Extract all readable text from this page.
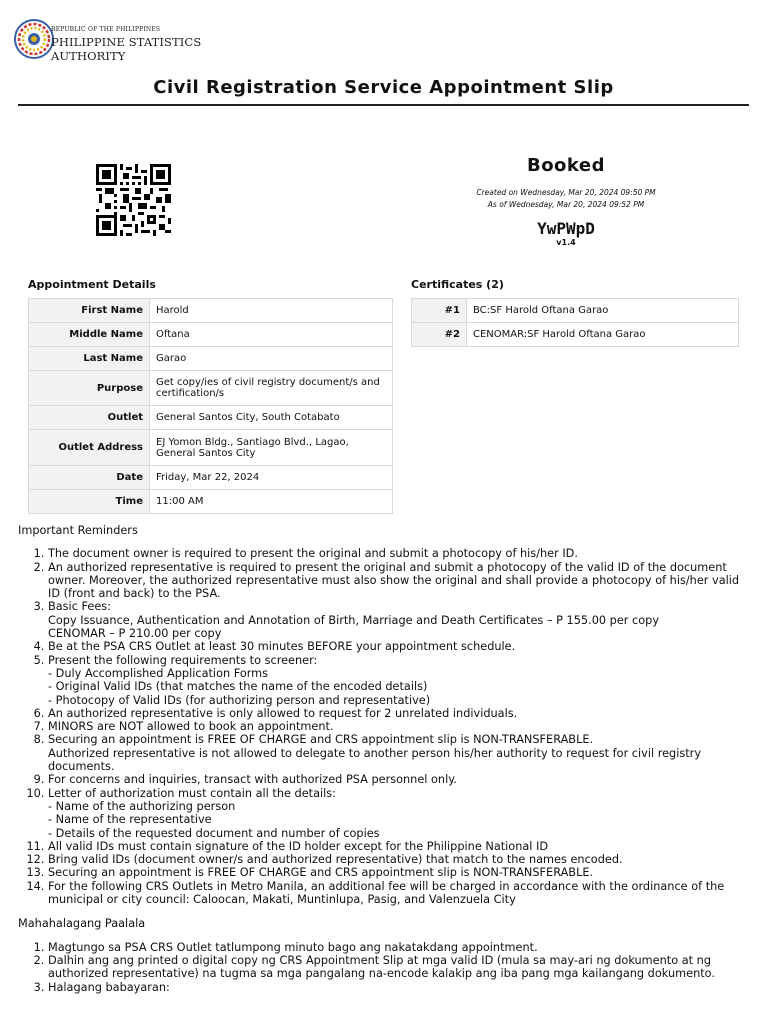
REPUBLIC OF THE PHILIPPINES
PHILIPPINE STATISTICS AUTHORITY
Civil Registration Service Appointment Slip
Booked
Created on Wednesday, Mar 20, 2024 09:50 PM
As of Wednesday, Mar 20, 2024 09:52 PM
YwPWpD
v1.4
Appointment Details
First Name	Harold
Middle Name	Oftana
Last Name	Garao
Purpose	Get copy/ies of civil registry document/s and certification/s
Outlet	General Santos City, South Cotabato
Outlet Address	EJ Yomon Bldg., Santiago Blvd., Lagao, General Santos City
Date	Friday, Mar 22, 2024
Time	11:00 AM
Certificates (2)
#1	BC:SF Harold Oftana Garao
#2	CENOMAR:SF Harold Oftana Garao
Important Reminders
1. The document owner is required to present the original and submit a photocopy of his/her ID.
2. An authorized representative is required to present the original and submit a photocopy of the valid ID of the document owner. Moreover, the authorized representative must also show the original and shall provide a photocopy of his/her valid ID (front and back) to the PSA.
3. Basic Fees:
Copy Issuance, Authentication and Annotation of Birth, Marriage and Death Certificates – P 155.00 per copy
CENOMAR – P 210.00 per copy
4. Be at the PSA CRS Outlet at least 30 minutes BEFORE your appointment schedule.
5. Present the following requirements to screener:
- Duly Accomplished Application Forms
- Original Valid IDs (that matches the name of the encoded details)
- Photocopy of Valid IDs (for authorizing person and representative)
6. An authorized representative is only allowed to request for 2 unrelated individuals.
7. MINORS are NOT allowed to book an appointment.
8. Securing an appointment is FREE OF CHARGE and CRS appointment slip is NON-TRANSFERABLE.
Authorized representative is not allowed to delegate to another person his/her authority to request for civil registry documents.
9. For concerns and inquiries, transact with authorized PSA personnel only.
10. Letter of authorization must contain all the details:
- Name of the authorizing person
- Name of the representative
- Details of the requested document and number of copies
11. All valid IDs must contain signature of the ID holder except for the Philippine National ID
12. Bring valid IDs (document owner/s and authorized representative) that match to the names encoded.
13. Securing an appointment is FREE OF CHARGE and CRS appointment slip is NON-TRANSFERABLE.
14. For the following CRS Outlets in Metro Manila, an additional fee will be charged in accordance with the ordinance of the municipal or city council: Caloocan, Makati, Muntinlupa, Pasig, and Valenzuela City
Mahahalagang Paalala
1. Magtungo sa PSA CRS Outlet tatlumpong minuto bago ang nakatakdang appointment.
2. Dalhin ang ang printed o digital copy ng CRS Appointment Slip at mga valid ID (mula sa may-ari ng dokumento at ng authorized representative) na tugma sa mga pangalang na-encode kalakip ang iba pang mga kailangang dokumento.
3. Halagang babayaran:
